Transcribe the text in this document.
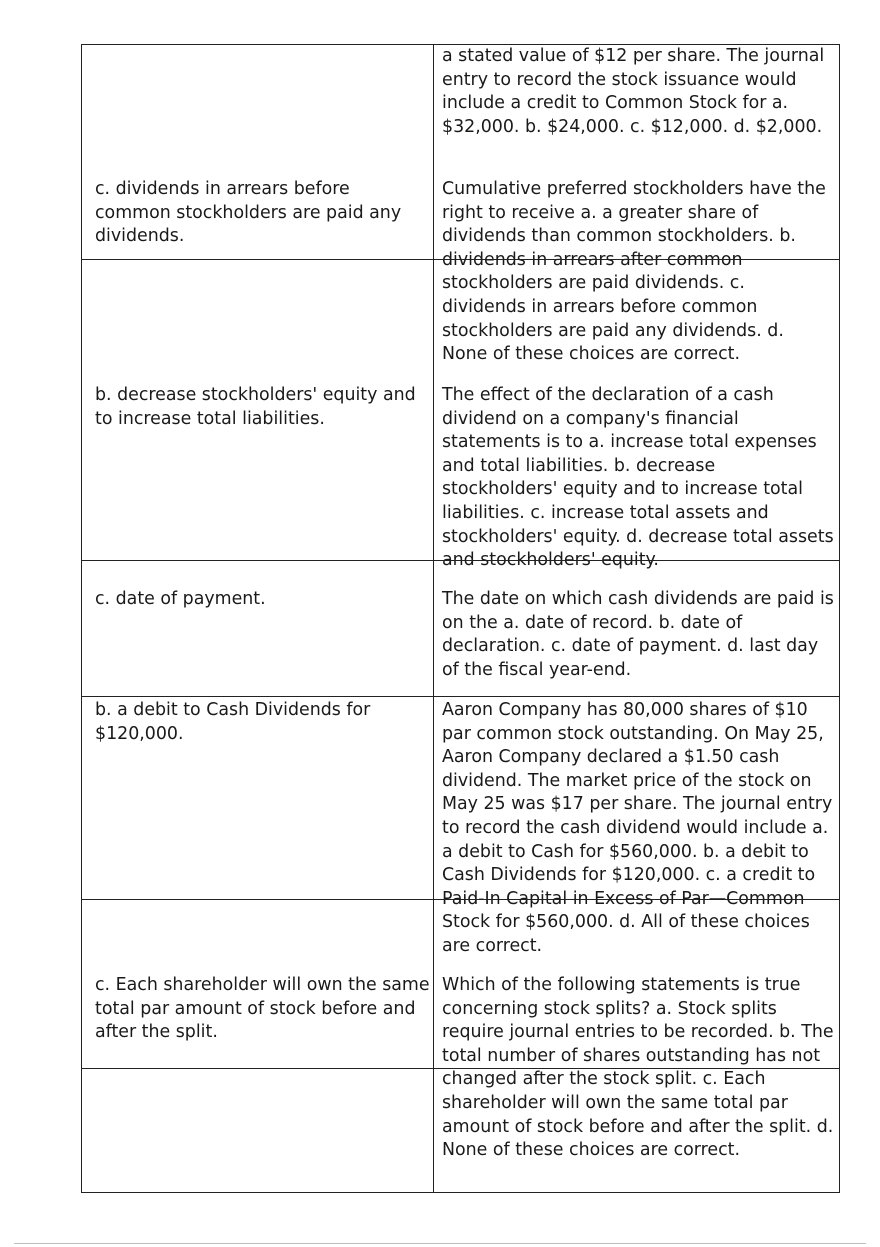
a stated value of $12 per share. The journal entry to record the stock issuance would include a credit to Common Stock for a. $32,000. b. $24,000. c. $12,000. d. $2,000.

c. dividends in arrears before common stockholders are paid any dividends.

Cumulative preferred stockholders have the right to receive a. a greater share of dividends than common stockholders. b. dividends in arrears after common stockholders are paid dividends. c. dividends in arrears before common stockholders are paid any dividends. d. None of these choices are correct.

b. decrease stockholders' equity and to increase total liabilities.

The effect of the declaration of a cash dividend on a company's financial statements is to a. increase total expenses and total liabilities. b. decrease stockholders' equity and to increase total liabilities. c. increase total assets and stockholders' equity. d. decrease total assets and stockholders' equity.

c. date of payment.	The date on which cash dividends are paid is on the a. date of record. b. date of declaration. c. date of payment. d. last day of the fiscal year-end.

b. a debit to Cash Dividends for $120,000.

Aaron Company has 80,000 shares of $10 par common stock outstanding. On May 25, Aaron Company declared a $1.50 cash dividend. The market price of the stock on May 25 was $17 per share. The journal entry to record the cash dividend would include a. a debit to Cash for $560,000. b. a debit to Cash Dividends for $120,000. c. a credit to Paid-In Capital in Excess of Par—Common Stock for $560,000. d. All of these choices are correct.

c. Each shareholder will own the same total par amount of stock before and after the split.

Which of the following statements is true concerning stock splits? a. Stock splits require journal entries to be recorded. b. The total number of shares outstanding has not changed after the stock split. c. Each shareholder will own the same total par amount of stock before and after the split. d. None of these choices are correct.
